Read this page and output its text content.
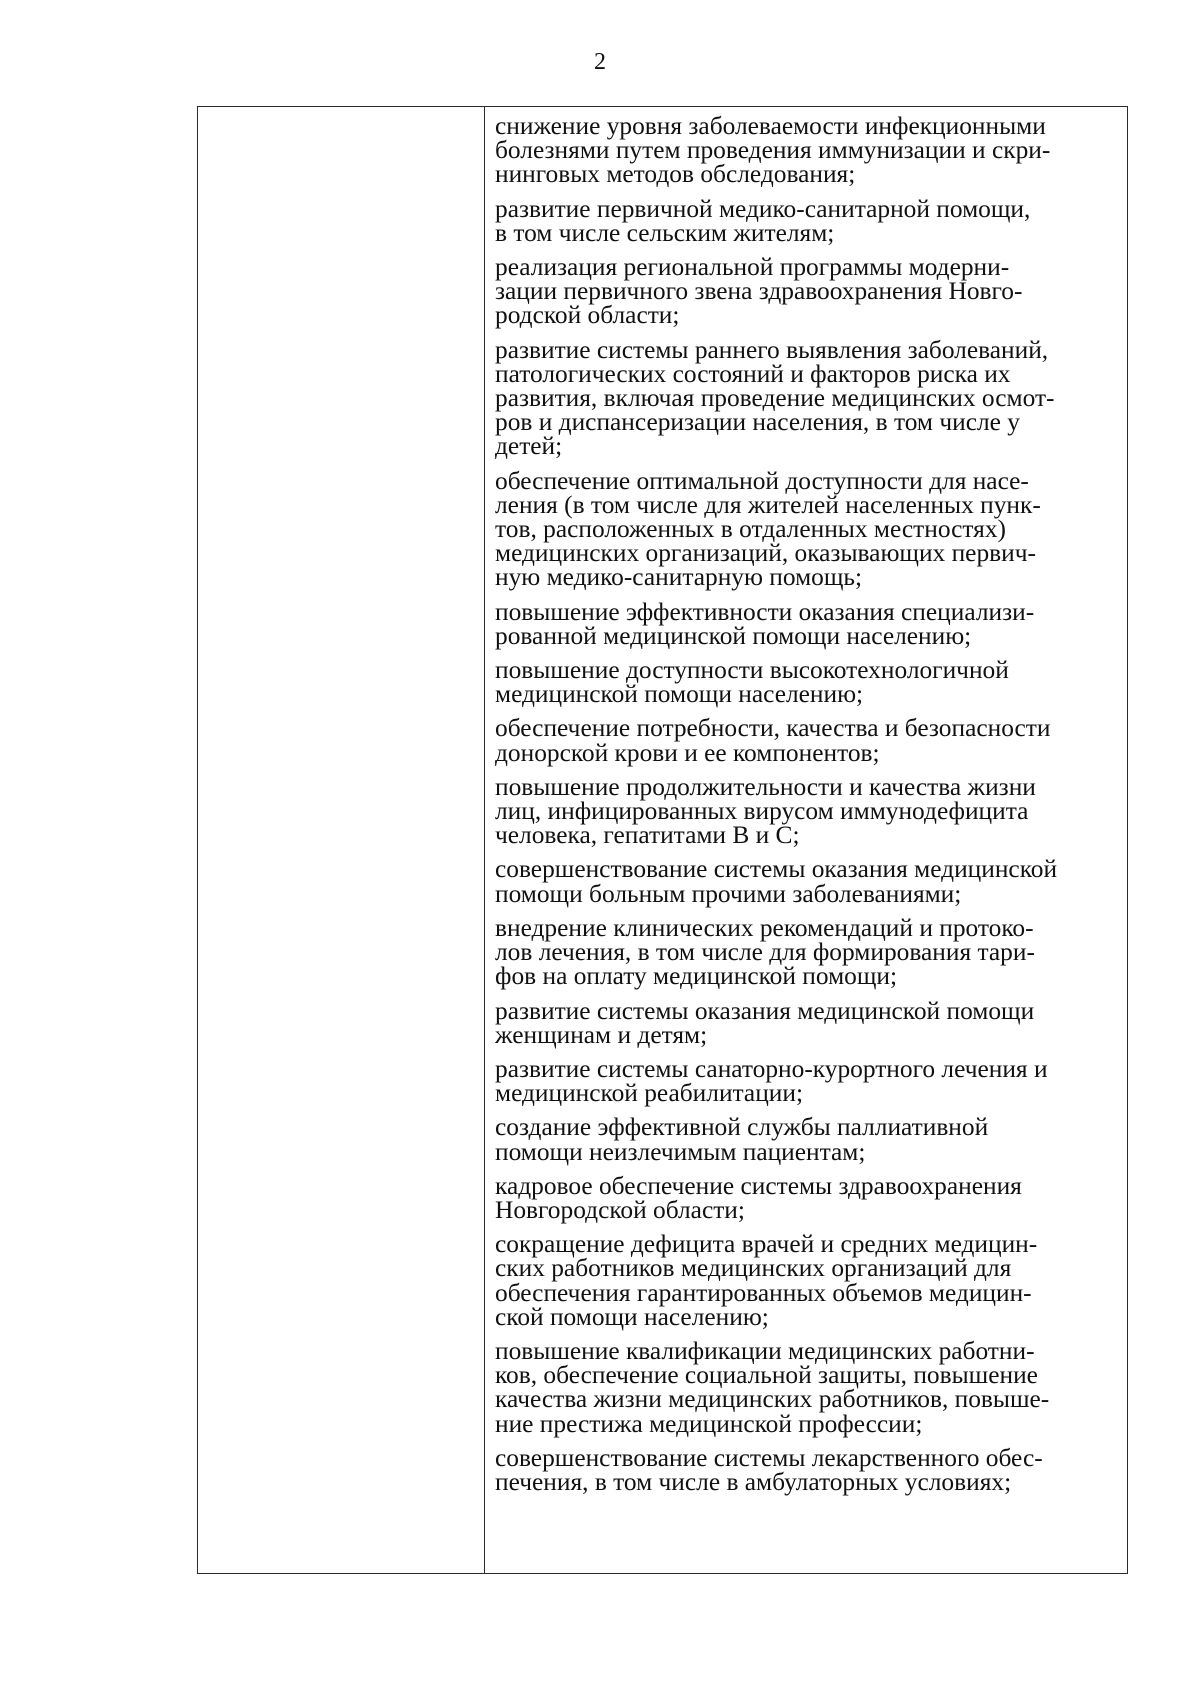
2
снижение уровня заболеваемости инфекционными
болезнями путем проведения иммунизации и скри-
нинговых методов обследования;
развитие первичной медико-санитарной помощи,
в том числе сельским жителям;
реализация региональной программы модерни-
зации первичного звена здравоохранения Новго-
родской области;
развитие системы раннего выявления заболеваний,
патологических состояний и факторов риска их
развития, включая проведение медицинских осмот-
ров и диспансеризации населения, в том числе у
детей;
обеспечение оптимальной доступности для насе-
ления (в том числе для жителей населенных пунк-
тов, расположенных в отдаленных местностях)
медицинских организаций, оказывающих первич-
ную медико-санитарную помощь;
повышение эффективности оказания специализи-
рованной медицинской помощи населению;
повышение доступности высокотехнологичной
медицинской помощи населению;
обеспечение потребности, качества и безопасности
донорской крови и ее компонентов;
повышение продолжительности и качества жизни
лиц, инфицированных вирусом иммунодефицита
человека, гепатитами В и С;
совершенствование системы оказания медицинской
помощи больным прочими заболеваниями;
внедрение клинических рекомендаций и протоко-
лов лечения, в том числе для формирования тари-
фов на оплату медицинской помощи;
развитие системы оказания медицинской помощи
женщинам и детям;
развитие системы санаторно-курортного лечения и
медицинской реабилитации;
создание эффективной службы паллиативной
помощи неизлечимым пациентам;
кадровое обеспечение системы здравоохранения
Новгородской области;
сокращение дефицита врачей и средних медицин-
ских работников медицинских организаций для
обеспечения гарантированных объемов медицин-
ской помощи населению;
повышение квалификации медицинских работни-
ков, обеспечение социальной защиты, повышение
качества жизни медицинских работников, повыше-
ние престижа медицинской профессии;
совершенствование системы лекарственного обес-
печения, в том числе в амбулаторных условиях;
